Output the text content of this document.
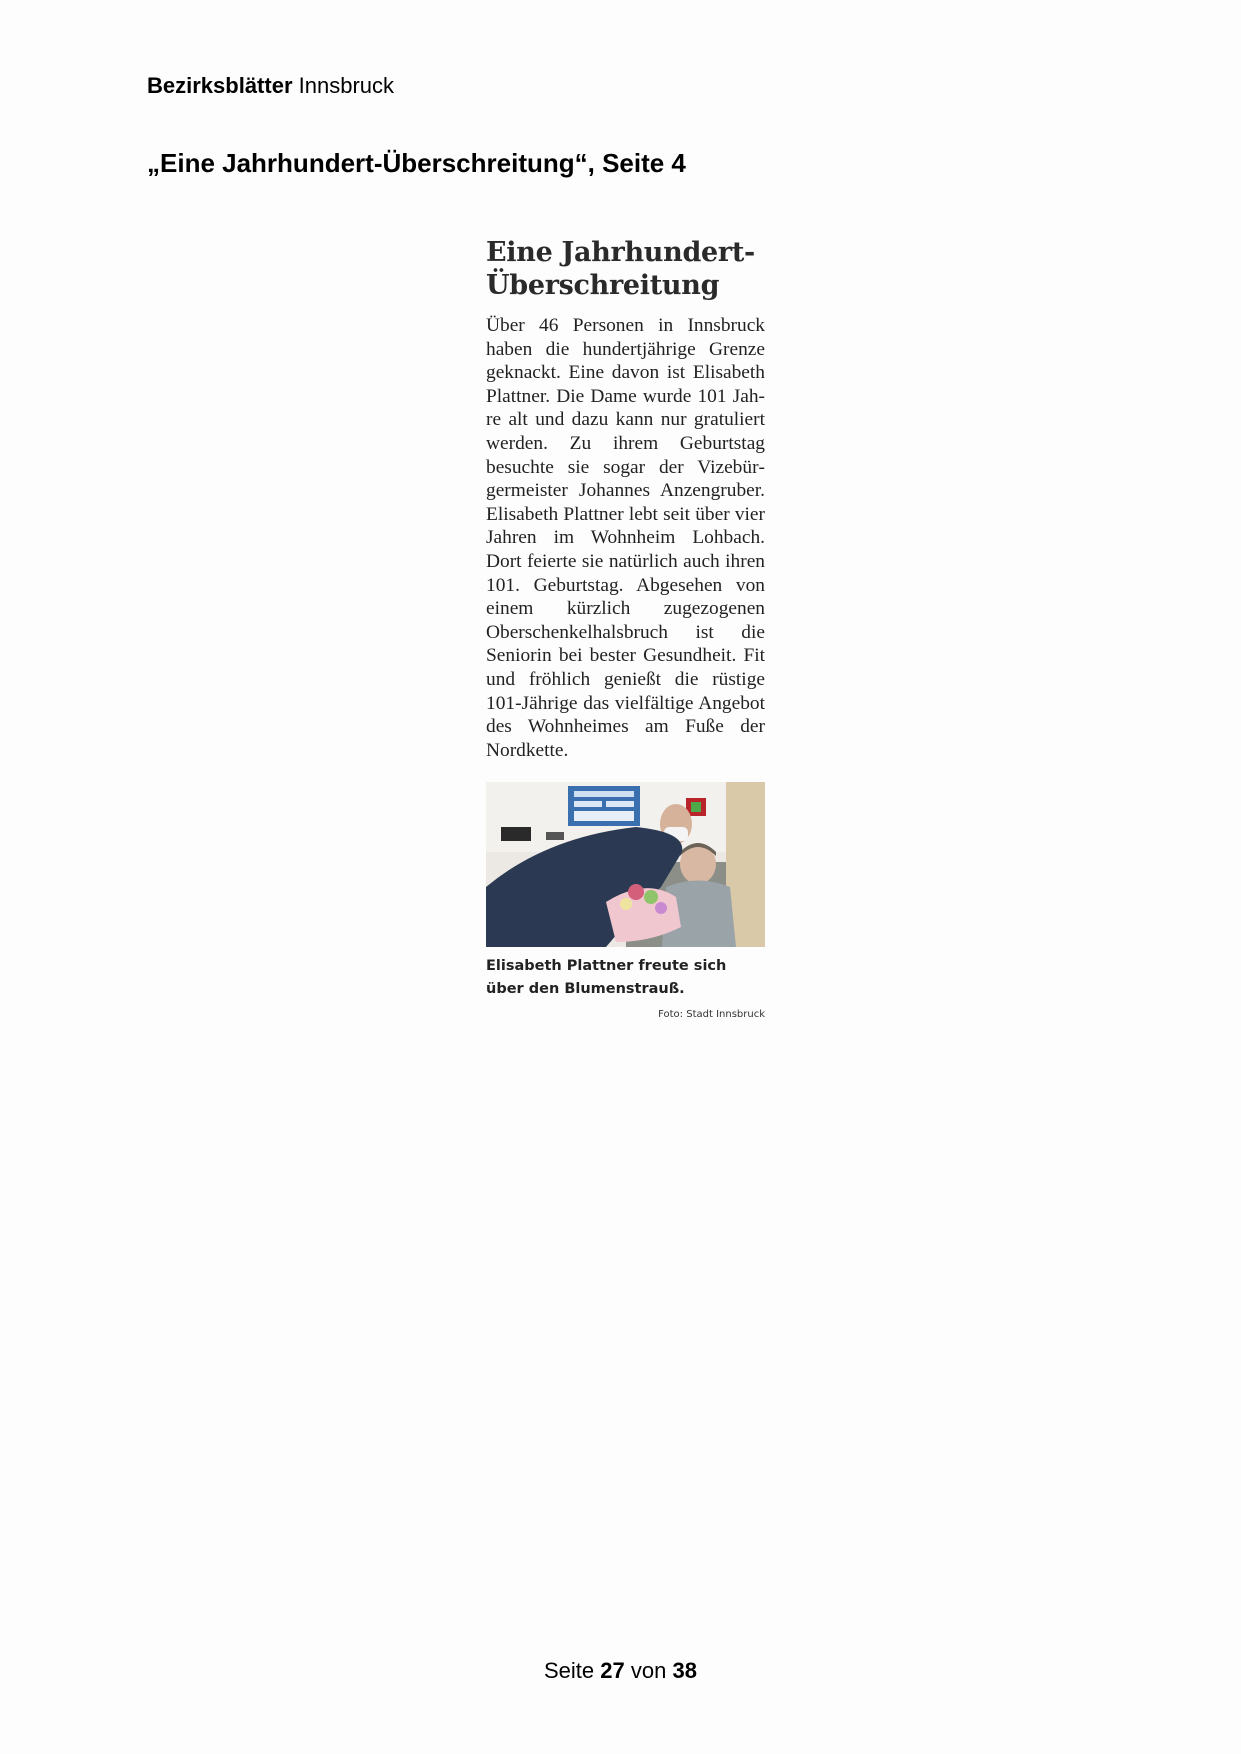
Bezirksblätter Innsbruck
„Eine Jahrhundert-Überschreitung“, Seite 4
Eine Jahrhundert-
Überschreitung

Über 46 Personen in Innsbruck haben die hundertjährige Grenze geknackt. Eine davon ist Elisabeth Plattner. Die Dame wurde 101 Jahre alt und dazu kann nur gratuliert werden. Zu ihrem Geburtstag besuchte sie sogar der Vizebürgermeister Johannes Anzengruber. Elisabeth Plattner lebt seit über vier Jahren im Wohnheim Lohbach. Dort feierte sie natürlich auch ihren 101. Geburtstag. Abgesehen von einem kürzlich zugezogenen Oberschenkelhalsbruch ist die Seniorin bei bester Gesundheit. Fit und fröhlich genießt die rüstige 101-Jährige das vielfältige Angebot des Wohnheimes am Fuße der Nordkette.

Elisabeth Plattner freute sich über den Blumenstrauß.
Foto: Stadt Innsbruck
Seite 27 von 38
